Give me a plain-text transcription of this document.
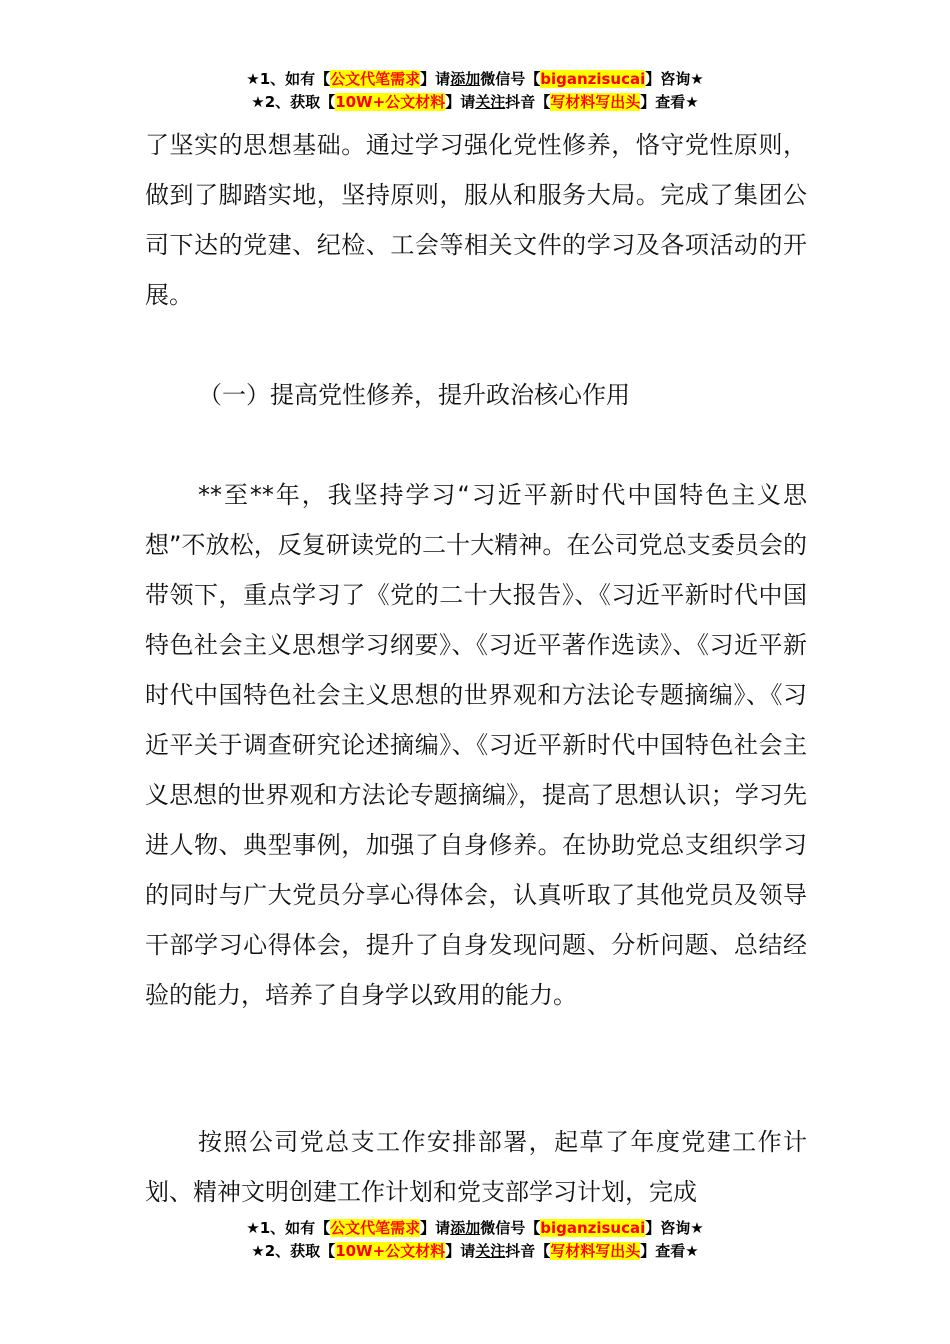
★1、如有【公文代笔需求】请添加微信号【biganzisucai】咨询★
★2、获取【10W+公文材料】请关注抖音【写材料写出头】查看★

了坚实的思想基础。通过学习强化党性修养，恪守党性原则，做到了脚踏实地，坚持原则，服从和服务大局。完成了集团公司下达的党建、纪检、工会等相关文件的学习及各项活动的开展。

（一）提高党性修养，提升政治核心作用

**至**年，我坚持学习“习近平新时代中国特色主义思想”不放松，反复研读党的二十大精神。在公司党总支委员会的带领下，重点学习了《党的二十大报告》、《习近平新时代中国特色社会主义思想学习纲要》、《习近平著作选读》、《习近平新时代中国特色社会主义思想的世界观和方法论专题摘编》、《习近平关于调查研究论述摘编》、《习近平新时代中国特色社会主义思想的世界观和方法论专题摘编》，提高了思想认识；学习先进人物、典型事例，加强了自身修养。在协助党总支组织学习的同时与广大党员分享心得体会，认真听取了其他党员及领导干部学习心得体会，提升了自身发现问题、分析问题、总结经验的能力，培养了自身学以致用的能力。

按照公司党总支工作安排部署，起草了年度党建工作计划、精神文明创建工作计划和党支部学习计划，完成

★1、如有【公文代笔需求】请添加微信号【biganzisucai】咨询★
★2、获取【10W+公文材料】请关注抖音【写材料写出头】查看★
